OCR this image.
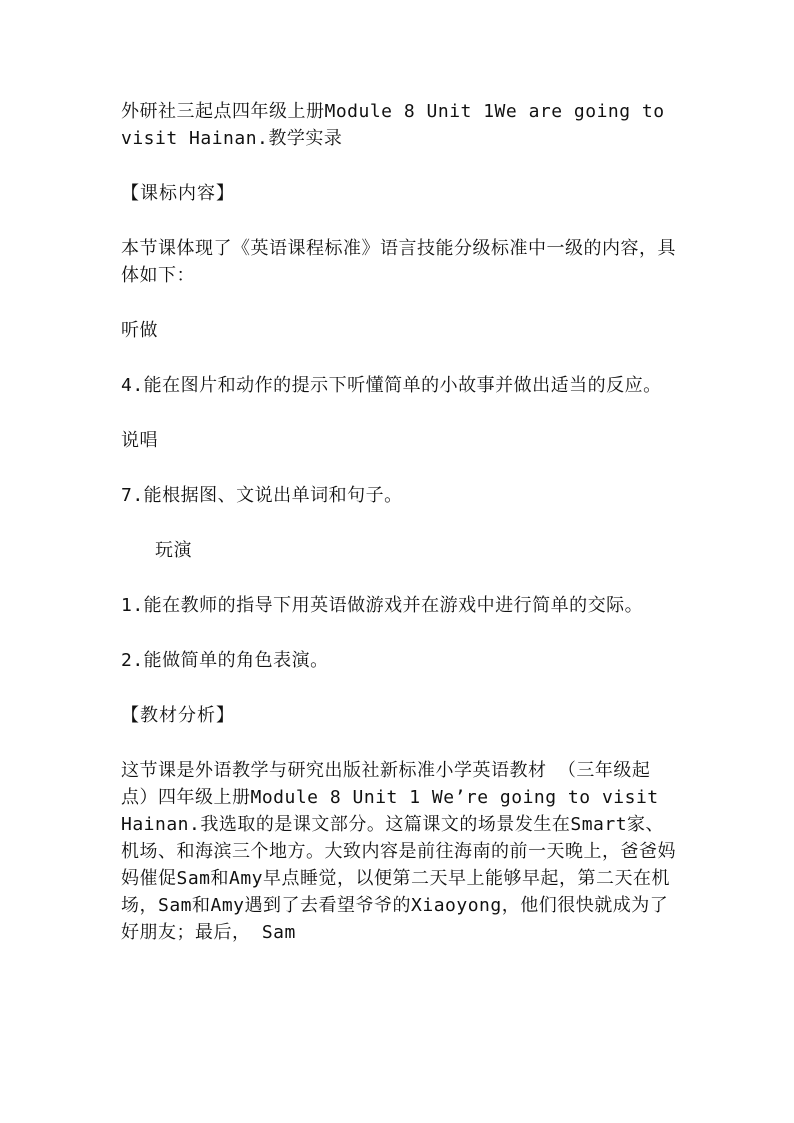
外研社三起点四年级上册Module 8 Unit 1We are going to visit Hainan.教学实录

【课标内容】

本节课体现了《英语课程标准》语言技能分级标准中一级的内容，具体如下：

听做

4.能在图片和动作的提示下听懂简单的小故事并做出适当的反应。

说唱

7.能根据图、文说出单词和句子。

玩演

1.能在教师的指导下用英语做游戏并在游戏中进行简单的交际。

2.能做简单的角色表演。

【教材分析】

这节课是外语教学与研究出版社新标准小学英语教材 （三年级起点）四年级上册Module 8 Unit 1 We’re going to visit Hainan.我选取的是课文部分。这篇课文的场景发生在Smart家、机场、和海滨三个地方。大致内容是前往海南的前一天晚上，爸爸妈妈催促Sam和Amy早点睡觉，以便第二天早上能够早起，第二天在机场，Sam和Amy遇到了去看望爷爷的Xiaoyong，他们很快就成为了好朋友；最后， Sam
